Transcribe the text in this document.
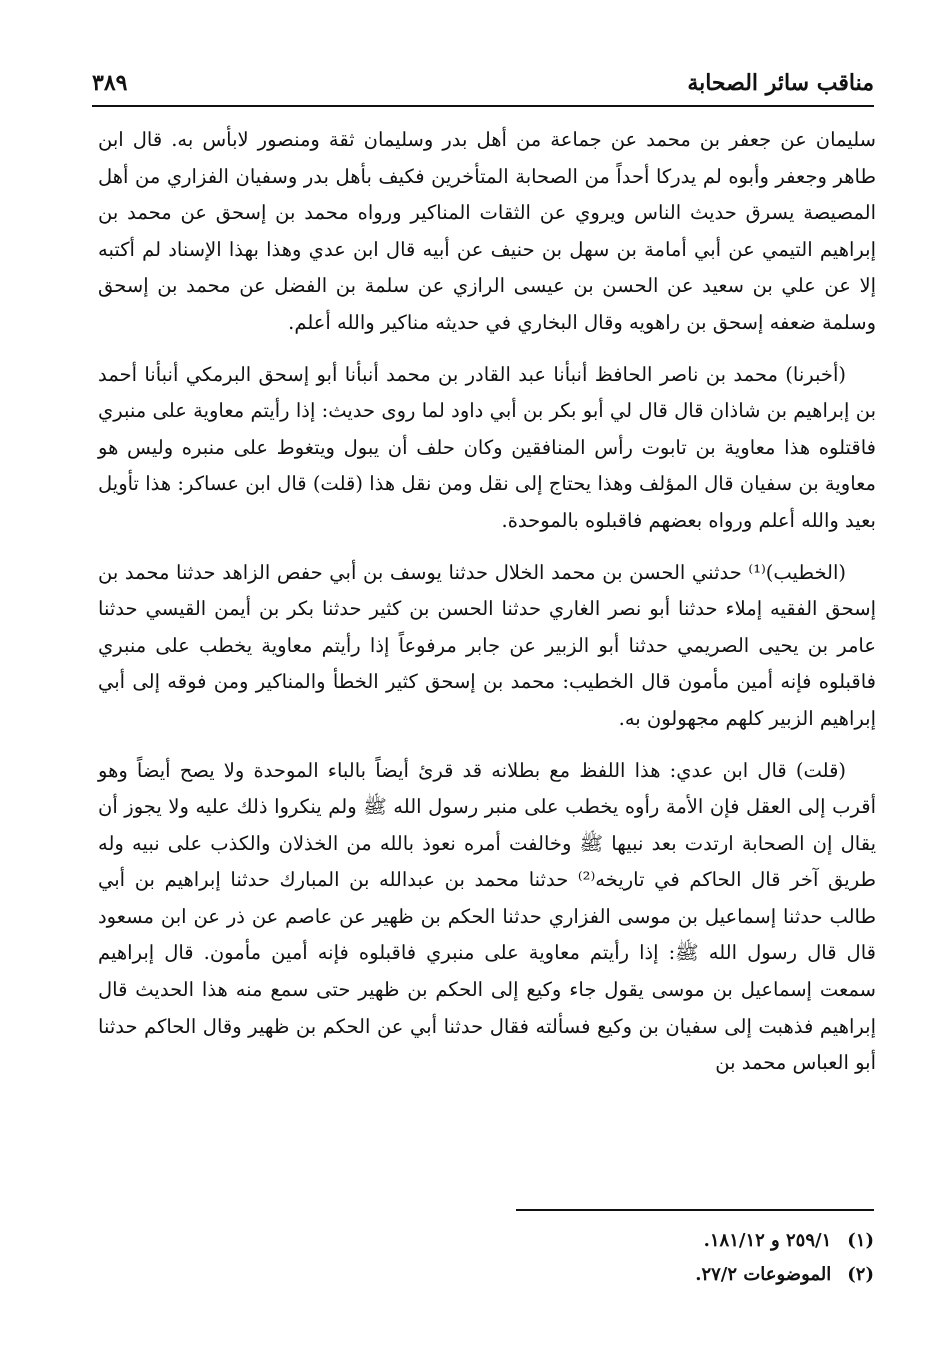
مناقب سائر الصحابة
٣٨٩

سليمان عن جعفر بن محمد عن جماعة من أهل بدر وسليمان ثقة ومنصور لابأس به. قال ابن طاهر وجعفر وأبوه لم يدركا أحداً من الصحابة المتأخرين فكيف بأهل بدر وسفيان الفزاري من أهل المصيصة يسرق حديث الناس ويروي عن الثقات المناكير ورواه محمد بن إسحق عن محمد بن إبراهيم التيمي عن أبي أمامة بن سهل بن حنيف عن أبيه قال ابن عدي وهذا بهذا الإسناد لم أكتبه إلا عن علي بن سعيد عن الحسن بن عيسى الرازي عن سلمة بن الفضل عن محمد بن إسحق وسلمة ضعفه إسحق بن راهويه وقال البخاري في حديثه مناكير والله أعلم.

(أخبرنا) محمد بن ناصر الحافظ أنبأنا عبد القادر بن محمد أنبأنا أبو إسحق البرمكي أنبأنا أحمد بن إبراهيم بن شاذان قال قال لي أبو بكر بن أبي داود لما روى حديث: إذا رأيتم معاوية على منبري فاقتلوه هذا معاوية بن تابوت رأس المنافقين وكان حلف أن يبول ويتغوط على منبره وليس هو معاوية بن سفيان قال المؤلف وهذا يحتاج إلى نقل ومن نقل هذا (قلت) قال ابن عساكر: هذا تأويل بعيد والله أعلم ورواه بعضهم فاقبلوه بالموحدة.

(الخطيب)⁽¹⁾ حدثني الحسن بن محمد الخلال حدثنا يوسف بن أبي حفص الزاهد حدثنا محمد بن إسحق الفقيه إملاء حدثنا أبو نصر الغاري حدثنا الحسن بن كثير حدثنا بكر بن أيمن القيسي حدثنا عامر بن يحيى الصريمي حدثنا أبو الزبير عن جابر مرفوعاً إذا رأيتم معاوية يخطب على منبري فاقبلوه فإنه أمين مأمون قال الخطيب: محمد بن إسحق كثير الخطأ والمناكير ومن فوقه إلى أبي إبراهيم الزبير كلهم مجهولون به.

(قلت) قال ابن عدي: هذا اللفظ مع بطلانه قد قرئ أيضاً بالباء الموحدة ولا يصح أيضاً وهو أقرب إلى العقل فإن الأمة رأوه يخطب على منبر رسول الله ﷺ ولم ينكروا ذلك عليه ولا يجوز أن يقال إن الصحابة ارتدت بعد نبيها ﷺ وخالفت أمره نعوذ بالله من الخذلان والكذب على نبيه وله طريق آخر قال الحاكم في تاريخه⁽²⁾ حدثنا محمد بن عبدالله بن المبارك حدثنا إبراهيم بن أبي طالب حدثنا إسماعيل بن موسى الفزاري حدثنا الحكم بن ظهير عن عاصم عن ذر عن ابن مسعود قال قال رسول الله ﷺ: إذا رأيتم معاوية على منبري فاقبلوه فإنه أمين مأمون. قال إبراهيم سمعت إسماعيل بن موسى يقول جاء وكيع إلى الحكم بن ظهير حتى سمع منه هذا الحديث قال إبراهيم فذهبت إلى سفيان بن وكيع فسألته فقال حدثنا أبي عن الحكم بن ظهير وقال الحاكم حدثنا أبو العباس محمد بن

(١)٢٥٩/١ و ١٨١/١٢.
(٢)الموضوعات ٢٧/٢.
